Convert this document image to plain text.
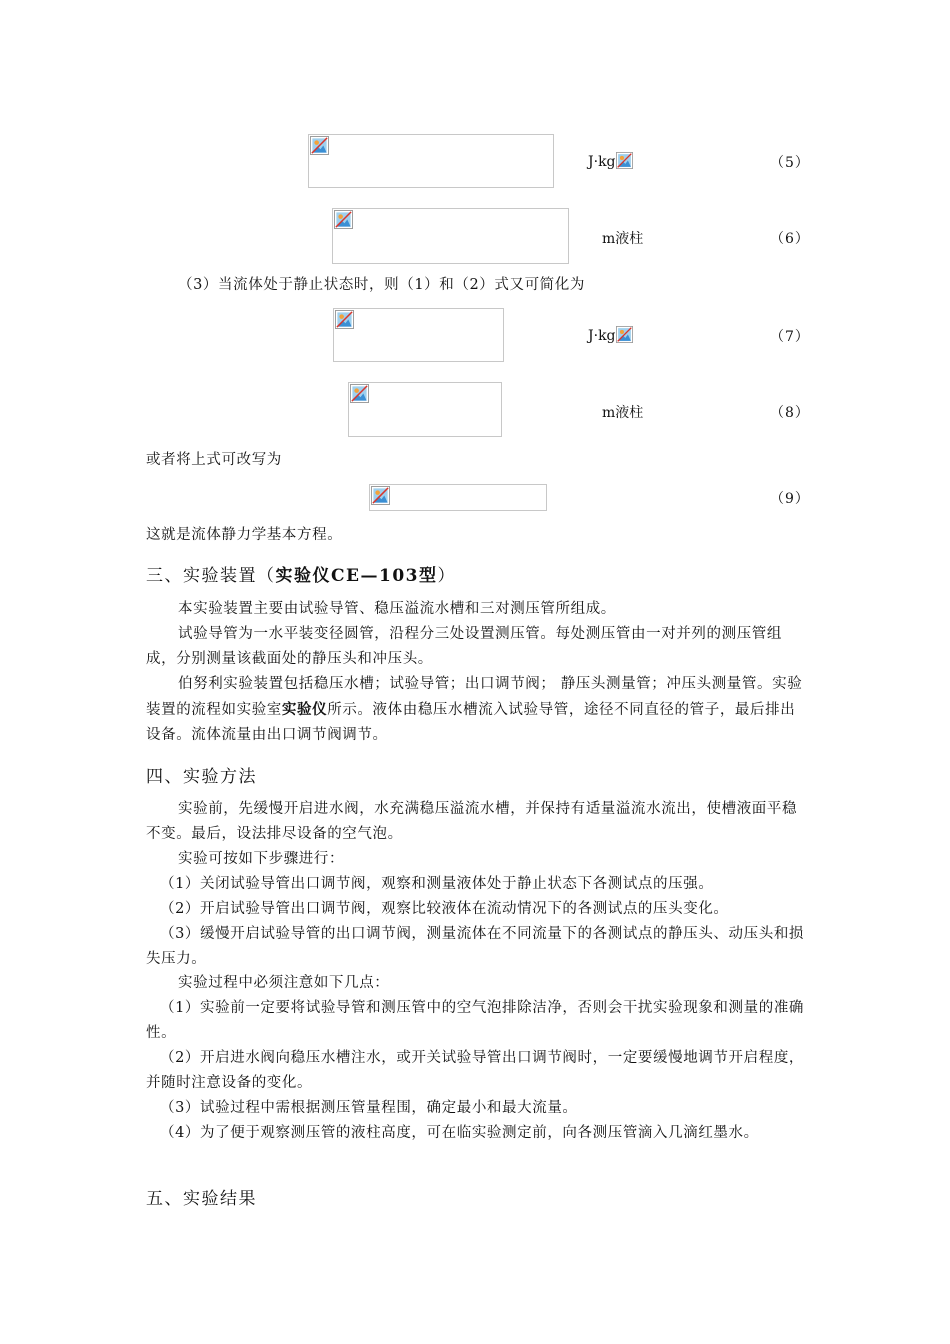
J·kg	（5）
m液柱	（6）
（3）当流体处于静止状态时，则（1）和（2）式又可简化为
J·kg	（7）
m液柱	（8）
或者将上式可改写为
（9）
这就是流体静力学基本方程。
三、实验装置（实验仪CE—103型）
本实验装置主要由试验导管、稳压溢流水槽和三对测压管所组成。
试验导管为一水平装变径圆管，沿程分三处设置测压管。每处测压管由一对并列的测压管组成，分别测量该截面处的静压头和冲压头。
伯努利实验装置包括稳压水槽；试验导管；出口调节阀； 静压头测量管；冲压头测量管。实验装置的流程如实验室实验仪所示。液体由稳压水槽流入试验导管，途径不同直径的管子，最后排出设备。流体流量由出口调节阀调节。
四、实验方法
实验前，先缓慢开启进水阀，水充满稳压溢流水槽，并保持有适量溢流水流出，使槽液面平稳不变。最后，设法排尽设备的空气泡。
实验可按如下步骤进行：
（1）关闭试验导管出口调节阀，观察和测量液体处于静止状态下各测试点的压强。
（2）开启试验导管出口调节阀，观察比较液体在流动情况下的各测试点的压头变化。
（3）缓慢开启试验导管的出口调节阀，测量流体在不同流量下的各测试点的静压头、动压头和损失压力。
实验过程中必须注意如下几点：
（1）实验前一定要将试验导管和测压管中的空气泡排除洁净，否则会干扰实验现象和测量的准确性。
（2）开启进水阀向稳压水槽注水，或开关试验导管出口调节阀时，一定要缓慢地调节开启程度，并随时注意设备的变化。
（3）试验过程中需根据测压管量程围，确定最小和最大流量。
（4）为了便于观察测压管的液柱高度，可在临实验测定前，向各测压管滴入几滴红墨水。
五、实验结果
